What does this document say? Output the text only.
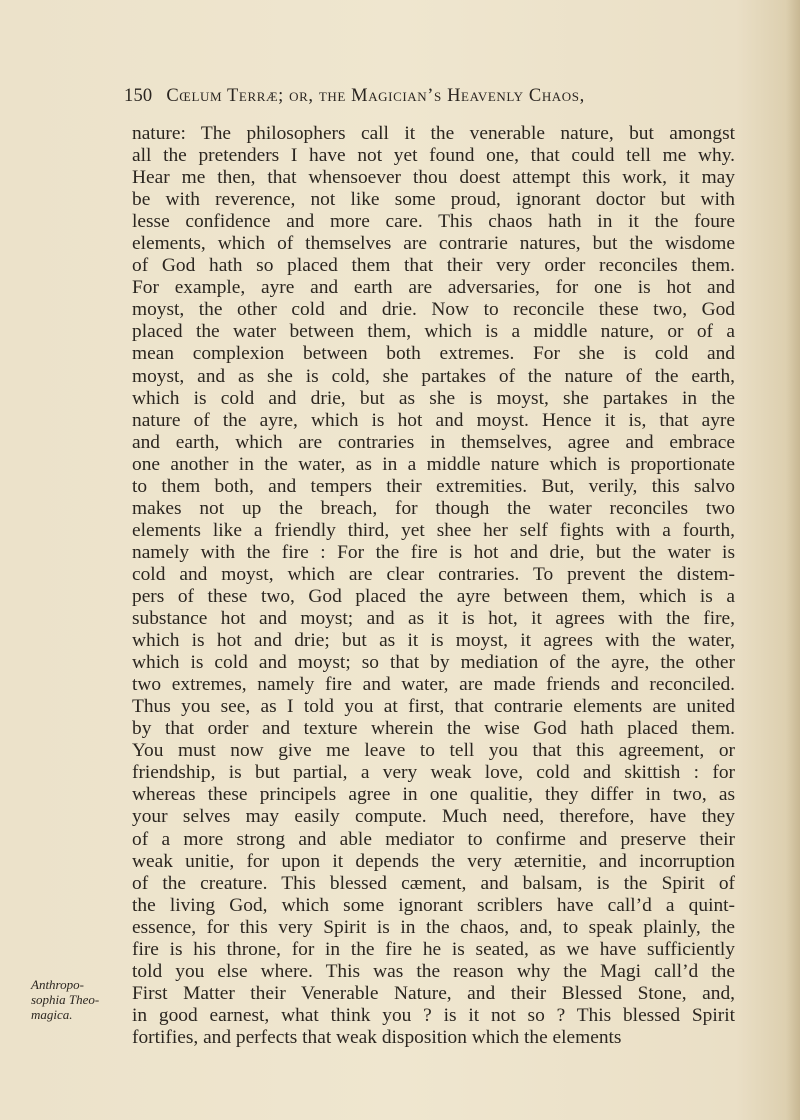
150 Cœlum Terræ; or, the Magician’s Heavenly Chaos,
Anthropo-
sophia Theo-
magica.
nature: The philosophers call it the venerable nature, but amongst
all the pretenders I have not yet found one, that could tell me why.
Hear me then, that whensoever thou doest attempt this work, it may
be with reverence, not like some proud, ignorant doctor but with
lesse confidence and more care. This chaos hath in it the foure
elements, which of themselves are contrarie natures, but the wisdome
of God hath so placed them that their very order reconciles them.
For example, ayre and earth are adversaries, for one is hot and
moyst, the other cold and drie. Now to reconcile these two, God
placed the water between them, which is a middle nature, or of a
mean complexion between both extremes. For she is cold and
moyst, and as she is cold, she partakes of the nature of the earth,
which is cold and drie, but as she is moyst, she partakes in the
nature of the ayre, which is hot and moyst. Hence it is, that ayre
and earth, which are contraries in themselves, agree and embrace
one another in the water, as in a middle nature which is proportionate
to them both, and tempers their extremities. But, verily, this salvo
makes not up the breach, for though the water reconciles two
elements like a friendly third, yet shee her self fights with a fourth,
namely with the fire : For the fire is hot and drie, but the water is
cold and moyst, which are clear contraries. To prevent the distem-
pers of these two, God placed the ayre between them, which is a
substance hot and moyst; and as it is hot, it agrees with the fire,
which is hot and drie; but as it is moyst, it agrees with the water,
which is cold and moyst; so that by mediation of the ayre, the other
two extremes, namely fire and water, are made friends and reconciled.
Thus you see, as I told you at first, that contrarie elements are united
by that order and texture wherein the wise God hath placed them.
You must now give me leave to tell you that this agreement, or
friendship, is but partial, a very weak love, cold and skittish : for
whereas these principels agree in one qualitie, they differ in two, as
your selves may easily compute. Much need, therefore, have they
of a more strong and able mediator to confirme and preserve their
weak unitie, for upon it depends the very æternitie, and incorruption
of the creature. This blessed cæment, and balsam, is the Spirit of
the living God, which some ignorant scriblers have call’d a quint-
essence, for this very Spirit is in the chaos, and, to speak plainly, the
fire is his throne, for in the fire he is seated, as we have sufficiently
told you else where. This was the reason why the Magi call’d the
First Matter their Venerable Nature, and their Blessed Stone, and,
in good earnest, what think you ? is it not so ? This blessed Spirit
fortifies, and perfects that weak disposition which the elements
